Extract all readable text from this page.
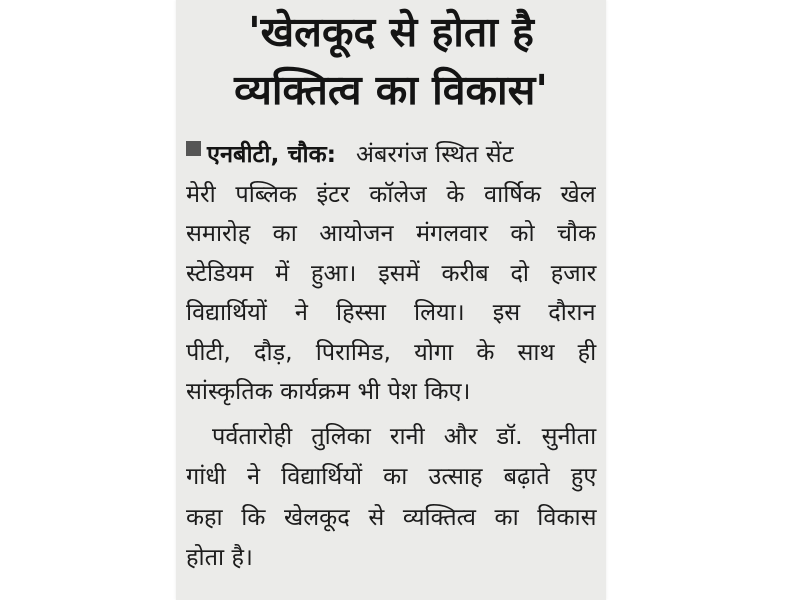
'खेलकूद से होता है
व्यक्तित्व का विकास'
एनबीटी, चौक: अंबरगंज स्थित सेंट
मेरी पब्लिक इंटर कॉलेज के वार्षिक खेल
समारोह का आयोजन मंगलवार को चौक
स्टेडियम में हुआ। इसमें करीब दो हजार
विद्यार्थियों ने हिस्सा लिया। इस दौरान
पीटी, दौड़, पिरामिड, योगा के साथ ही
सांस्कृतिक कार्यक्रम भी पेश किए।
पर्वतारोही तुलिका रानी और डॉ. सुनीता
गांधी ने विद्यार्थियों का उत्साह बढ़ाते हुए
कहा कि खेलकूद से व्यक्तित्व का विकास
होता है।
